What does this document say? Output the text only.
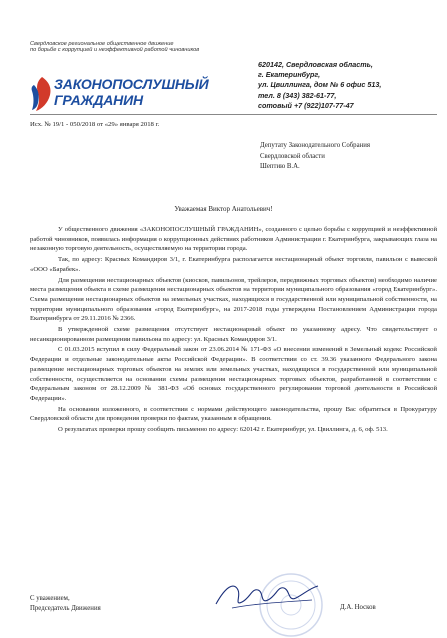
Свердловское региональное общественное движение
по борьбе с коррупцией и неэффективной работой чиновников
ЗАКОНОПОСЛУШНЫЙ
ГРАЖДАНИН
620142, Свердловская область,
г. Екатеринбург,
ул. Цвиллинга, дом № 6 офис 513,
тел. 8 (343) 382-61-77,
сотовый +7 (922)107-77-47
Исх. № 19/1 - 050/2018 от «29» января 2018 г.
Депутату Законодательного Собрания
Свердловской области
Шептию В.А.
Уважаемая Виктор Анатольевич!

У общественного движения «ЗАКОНОПОСЛУШНЫЙ ГРАЖДАНИН», созданного с целью борьбы с коррупцией и неэффективной работой чиновников, появилась информация о коррупционных действиях работников Администрации г. Екатеринбурга, закрывающих глаза на незаконную торговую деятельность, осуществляемую на территории города.

Так, по адресу: Красных Командиров 3/1, г. Екатеринбурга располагается нестационарный объект торговли, павильон с вывеской «ООО «Барабек».

Для размещения нестационарных объектов (киосков, павильонов, трейлеров, передвижных торговых объектов) необходимо наличие места размещения объекта в схеме размещения нестационарных объектов на территории муниципального образования «город Екатеринбург». Схема размещения нестационарных объектов на земельных участках, находящихся в государственной или муниципальной собственности, на территории муниципального образования «город Екатеринбург», на 2017-2018 годы утверждена Постановлением Администрации города Екатеринбурга от 29.11.2016 № 2366.

В утвержденной схеме размещения отсутствует нестационарный объект по указанному адресу. Что свидетельствует о несанкционированном размещении павильона по адресу: ул. Красных Командиров 3/1.

С 01.03.2015 вступил в силу Федеральный закон от 23.06.2014 № 171-ФЗ «О внесении изменений в Земельный кодекс Российской Федерации и отдельные законодательные акты Российской Федерации». В соответствии со ст. 39.36 указанного Федерального закона размещение нестационарных торговых объектов на землях или земельных участках, находящихся в государственной или муниципальной собственности, осуществляется на основании схемы размещения нестационарных торговых объектов, разработанной в соответствии с Федеральным законом от 28.12.2009 № 381-ФЗ «Об основах государственного регулирования торговой деятельности в Российской Федерации».

На основании изложенного, в соответствии с нормами действующего законодательства, прошу Вас обратиться в Прокуратуру Свердловской области для проведения проверки по фактам, указанным в обращении.

О результатах проверки прошу сообщить письменно по адресу: 620142 г. Екатеринбург, ул. Цвиллинга, д. 6, оф. 513.

С уважением,
Председатель Движения	Д.А. Носков
